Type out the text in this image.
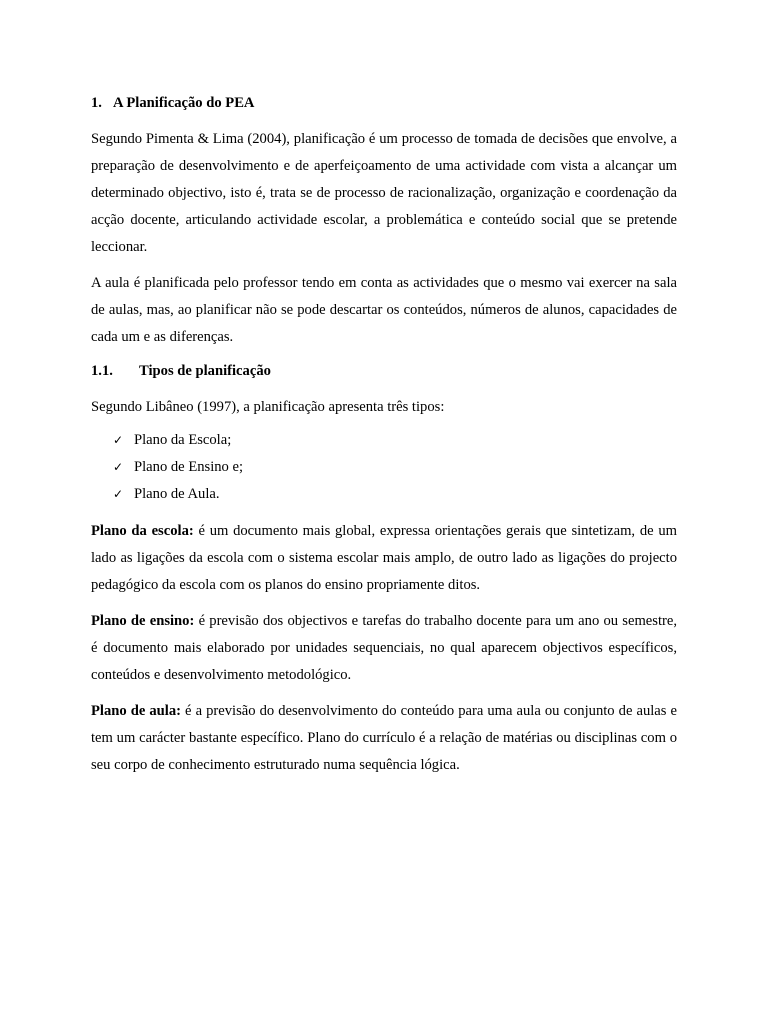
1. A Planificação do PEA

Segundo Pimenta & Lima (2004), planificação é um processo de tomada de decisões que envolve, a preparação de desenvolvimento e de aperfeiçoamento de uma actividade com vista a alcançar um determinado objectivo, isto é, trata se de processo de racionalização, organização e coordenação da acção docente, articulando actividade escolar, a problemática e conteúdo social que se pretende leccionar.

A aula é planificada pelo professor tendo em conta as actividades que o mesmo vai exercer na sala de aulas, mas, ao planificar não se pode descartar os conteúdos, números de alunos, capacidades de cada um e as diferenças.

1.1. Tipos de planificação

Segundo Libâneo (1997), a planificação apresenta três tipos:

✓ Plano da Escola;
✓ Plano de Ensino e;
✓ Plano de Aula.

Plano da escola: é um documento mais global, expressa orientações gerais que sintetizam, de um lado as ligações da escola com o sistema escolar mais amplo, de outro lado as ligações do projecto pedagógico da escola com os planos do ensino propriamente ditos.

Plano de ensino: é previsão dos objectivos e tarefas do trabalho docente para um ano ou semestre, é documento mais elaborado por unidades sequenciais, no qual aparecem objectivos específicos, conteúdos e desenvolvimento metodológico.

Plano de aula: é a previsão do desenvolvimento do conteúdo para uma aula ou conjunto de aulas e tem um carácter bastante específico. Plano do currículo é a relação de matérias ou disciplinas com o seu corpo de conhecimento estruturado numa sequência lógica.
